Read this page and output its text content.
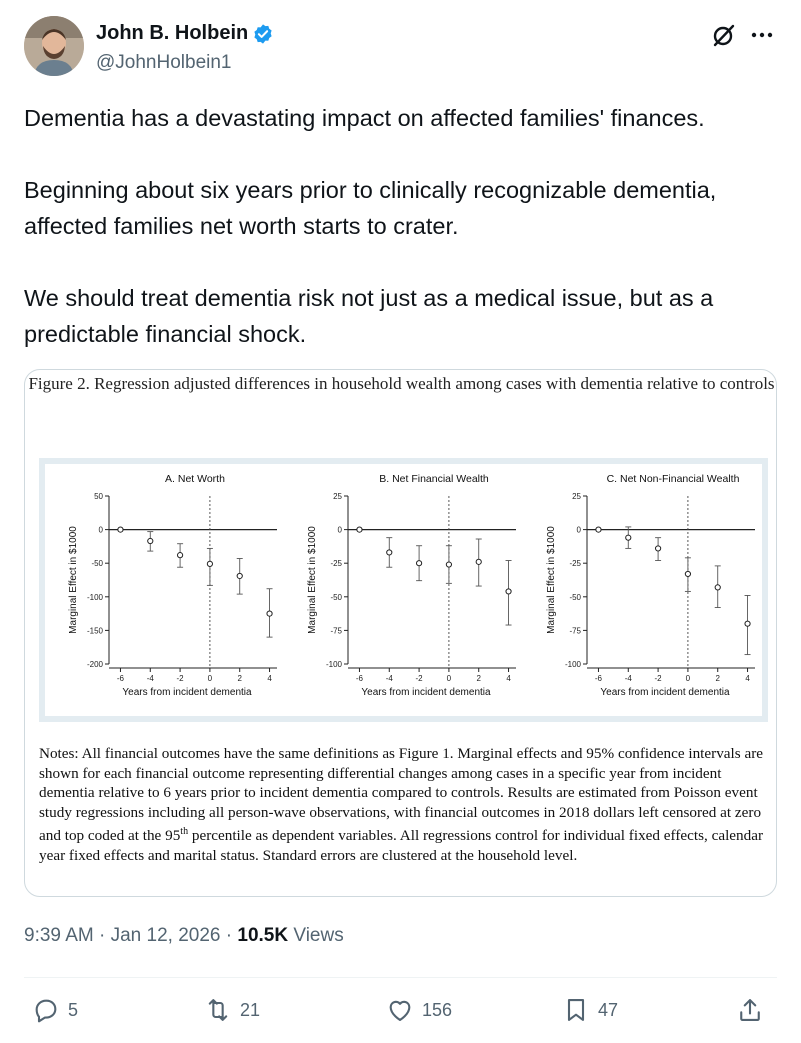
John B. Holbein
@JohnHolbein1

Dementia has a devastating impact on affected families' finances.

Beginning about six years prior to clinically recognizable dementia, affected families net worth starts to crater.

We should treat dementia risk not just as a medical issue, but as a predictable financial shock.

Figure 2. Regression adjusted differences in household wealth among cases with dementia relative to controls
A. Net Worth
50
0
-50
-100
-150
-200
-6	-4	-2	0	2	4
Years from incident dementia
Marginal Effect in $1000
B. Net Financial Wealth
25
0
-25
-50
-75
-100
-6	-4	-2	0	2	4
Years from incident dementia
Marginal Effect in $1000
C. Net Non-Financial Wealth
25
0
-25
-50
-75
-100
-6	-4	-2	0	2	4
Years from incident dementia
Marginal Effect in $1000
Notes: All financial outcomes have the same definitions as Figure 1. Marginal effects and 95% confidence intervals are shown for each financial outcome representing differential changes among cases in a specific year from incident dementia relative to 6 years prior to incident dementia compared to controls. Results are estimated from Poisson event study regressions including all person-wave observations, with financial outcomes in 2018 dollars left censored at zero and top coded at the 95th percentile as dependent variables. All regressions control for individual fixed effects, calendar year fixed effects and marital status. Standard errors are clustered at the household level.
9:39 AM · Jan 12, 2026 · 10.5K Views
5	21	156	47
